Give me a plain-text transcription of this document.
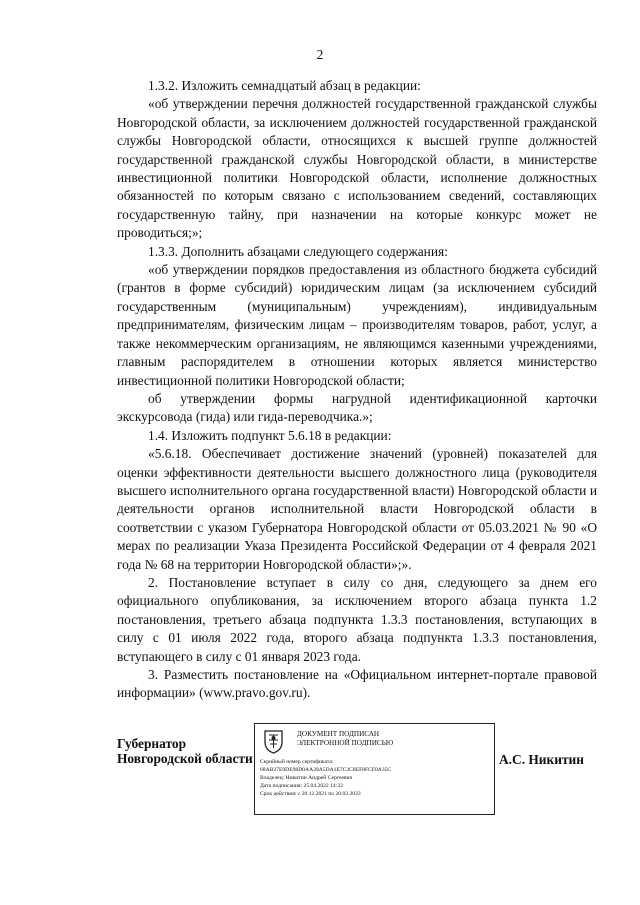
2

1.3.2. Изложить семнадцатый абзац в редакции:

«об утверждении перечня должностей государственной гражданской службы Новгородской области, за исключением должностей государственной гражданской службы Новгородской области, относящихся к высшей группе должностей государственной гражданской службы Новгородской области, в министерстве инвестиционной политики Новгородской области, исполнение должностных обязанностей по которым связано с использованием сведений, составляющих государственную тайну, при назначении на которые конкурс может не проводиться;»;

1.3.3. Дополнить абзацами следующего содержания:

«об утверждении порядков предоставления из областного бюджета субсидий (грантов в форме субсидий) юридическим лицам (за исключением субсидий государственным (муниципальным) учреждениям), индивидуальным предпринимателям, физическим лицам – производителям товаров, работ, услуг, а также некоммерческим организациям, не являющимся казенными учреждениями, главным распорядителем в отношении которых является министерство инвестиционной политики Новгородской области;

об утверждении формы нагрудной идентификационной карточки экскурсовода (гида) или гида-переводчика.»;

1.4. Изложить подпункт 5.6.18 в редакции:

«5.6.18. Обеспечивает достижение значений (уровней) показателей для оценки эффективности деятельности высшего должностного лица (руководителя высшего исполнительного органа государственной власти) Новгородской области и деятельности органов исполнительной власти Новгородской области в соответствии с указом Губернатора Новгородской области от 05.03.2021 № 90 «О мерах по реализации Указа Президента Российской Федерации от 4 февраля 2021 года № 68 на территории Новгородской области»;».

2. Постановление вступает в силу со дня, следующего за днем его официального опубликования, за исключением второго абзаца пункта 1.2 постановления, третьего абзаца подпункта 1.3.3 постановления, вступающих в силу с 01 июля 2022 года, второго абзаца подпункта 1.3.3 постановления, вступающего в силу с 01 января 2023 года.

3. Разместить постановление на «Официальном интернет-портале правовой информации» (www.pravo.gov.ru).

Губернатор
Новгородской области
ДОКУМЕНТ ПОДПИСАН
ЭЛЕКТРОННОЙ ПОДПИСЬЮ
Серийный номер сертификата:
68AB27E9DE98D0AA39A5DA1E7C2C8EF8FCF0A35C
Владелец: Никитин Андрей Сергеевич
Дата подписания: 25.04.2022 14:32
Срок действия: с 20.12.2021 по 20.03.2023
А.С. Никитин
